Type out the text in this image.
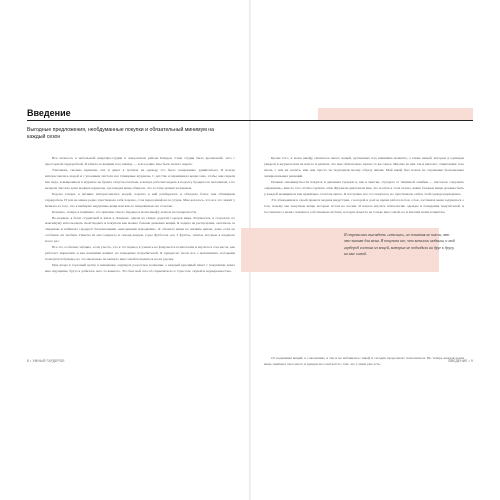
Введение
Выгодные предложения, необдуманные покупки и обязательный минимум на каждый сезон

Все началось в небольшой квартире-студии в лондонском районе Камден. Сама студия была крошечной, зато с просторной гардеробной. Я забила ее вещами под завязку — и все равно мне было нечего надеть.

Учитывая, сколько времени, сил и денег я тратила на одежду, это было совершенно удивительно. Я всегда интересовалась модой и с упоением листала все глянцевые журналы. С детства я перешивала вещи сама, чтобы они сидели как надо, и выкраивала в журнале на бумаге силуэты платьев, в вечера рабочих недель я подолгу бродила по магазинам, а по вечерам листала дома модные журналы, где каждая вещь обещала, что я стану новым человеком.

Короче говоря, я активно интересовалась модой, хорошо в ней разбиралась и обладала более чем обширным гардеробом. И тем не менее редко чувствовала себя хорошо, стоя перед шкафом по утрам. Мне казалось, что все это лежит у меня из-за того, что я выбираю неудачные вещи или как-то неправильно их сочетаю.

Конечно, теперь я понимаю, что причина такого бардака в моем шкафу лежала на поверхности.

Во-первых, я была студенткой и жила в Лондоне, одном из самых дорогих городов мира. Разумеется, я старалась по максимуму использовать свой бюджет и покупала как можно больше дешевых вещей. Я ходила на распродажи, охотилась за скидками и набивала гардероб бесконечными «выгодными находками». Я обожала вещи по низким ценам, даже если не особенно их любила. Пакеты из масс-маркета и секонд-хендов, горы футболок «по 3 фунта», платья, которые я надевала всего раз.

Все это особенно забавно, если учесть, что в тот период я училась на факультете психологии и изучала в том числе, как работает маркетинг и как компании влияют на поведение потребителей. Я прекрасно знала все о механизмах, которыми пользуются бренды, но это нисколько не мешало мне самой попадаться на их удочку.

При входе в торговый центр я неизменно ощущала радостное волнение, а каждый красивый пакет с покупками давал мне ощущение, будто я добилась чего-то важного. Это был мой способ справляться со стрессом, скукой и неуверенностью.

Кроме того, в моем шкафу скопилось много вещей, купленных под влиянием момента, а также вещей, которые я однажды увидела в журнале или на ком-то и решила, что мне обязательно нужно то же самое. Многие из них так и висели с этикетками: я не знала, с чем их носить, или они просто не подходили моему образу жизни. Мой шкаф был похож на отражение бесконечных эмоциональных решений.

Помимо сиюминутности покупок и давления трендов я, как и многие, страдала от типичной ошибки — пыталась следовать «правилам», вместо того чтобы слушать себя. Журналы диктовали мне, что носить в этом сезоне, какие базовые вещи должны быть у каждой женщины и как правильно сочетать цвета. Я послушно все это покупала, но чувствовала себя в этой одежде неуверенно.

Эта убежденная в своей правоте модная индустрия, с которой я долгое время работала бок о бок, заставила меня задуматься о том, почему мы покупаем вещи, которые потом не носим. Я начала изучать психологию одежды и поведения покупателей, и постепенно у меня сложилась собственная система, которая помогла не только мне самой, но и многим моим клиентам.

Я стремилась выглядеть «стильно», но понятия не имела, что это значит для меня. Я покупала все, что казалось модным, и мой гардероб состоял из вещей, которые не подходили ни друг к другу, ни мне самой.

От надевания вещей, к сожалению, я так и не избавилась: шкаф и сегодня продолжает пополняться. Но теперь каждая новая вещь занимает свое место и прекрасно сочетается с тем, что у меня уже есть.

8 • УМНЫЙ ГАРДЕРОБ	ВВЕДЕНИЕ • 9
